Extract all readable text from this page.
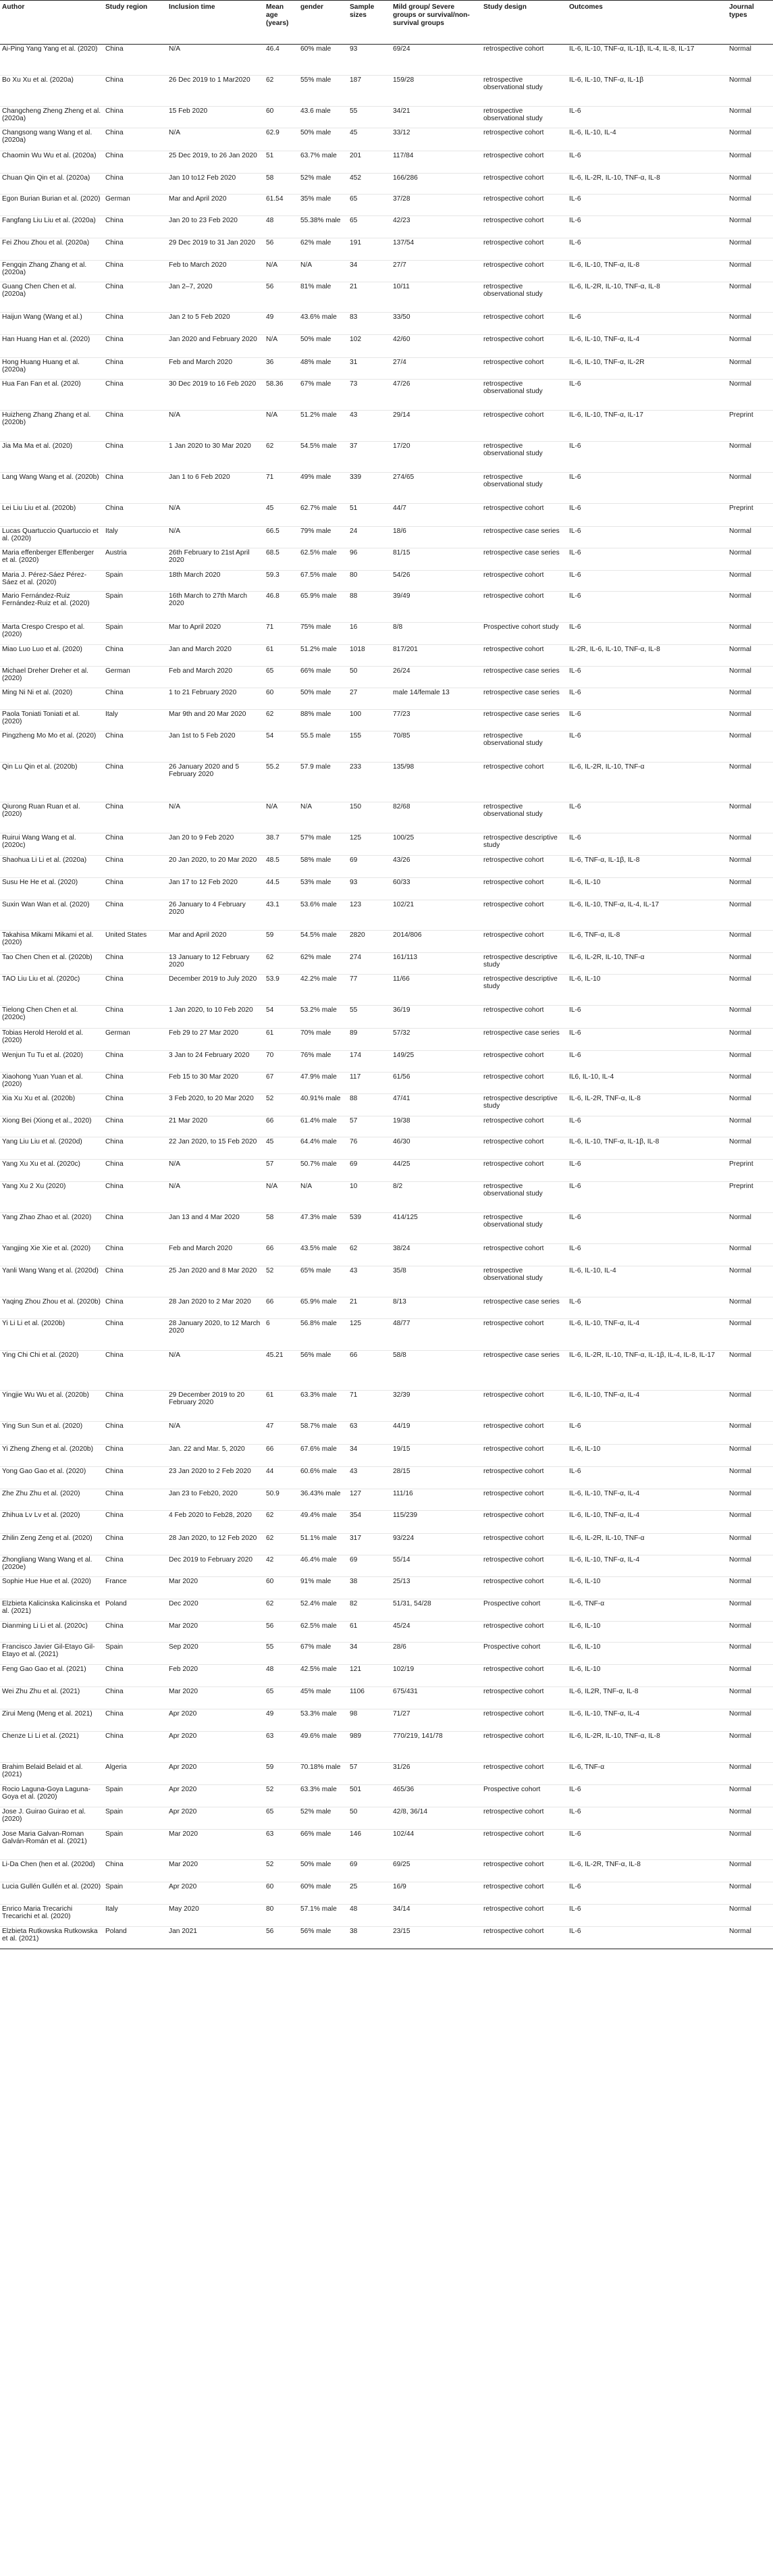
Author	Study region	Inclusion time	Mean age (years)	gender	Sample sizes	Mild group/ Severe groups or survival/non-survival groups	Study design	Outcomes	Journal types
Ai-Ping Yang Yang et al. (2020)	China	N/A	46.4	60% male	93	69/24	retrospective cohort	IL-6, IL-10, TNF-α, IL-1β, IL-4, IL-8, IL-17	Normal
Bo Xu Xu et al. (2020a)	China	26 Dec 2019 to 1 Mar2020	62	55% male	187	159/28	retrospective observational study	IL-6, IL-10, TNF-α, IL-1β	Normal
Changcheng Zheng Zheng et al. (2020a)	China	15 Feb 2020	60	43.6 male	55	34/21	retrospective observational study	IL-6	Normal
Changsong wang Wang et al. (2020a)	China	N/A	62.9	50% male	45	33/12	retrospective cohort	IL-6, IL-10, IL-4	Normal
Chaomin Wu Wu et al. (2020a)	China	25 Dec 2019, to 26 Jan 2020	51	63.7% male	201	117/84	retrospective cohort	IL-6	Normal
Chuan Qin Qin et al. (2020a)	China	Jan 10 to12 Feb 2020	58	52% male	452	166/286	retrospective cohort	IL-6, IL-2R, IL-10, TNF-α, IL-8	Normal
Egon Burian Burian et al. (2020)	German	Mar and April 2020	61.54	35% male	65	37/28	retrospective cohort	IL-6	Normal
Fangfang Liu Liu et al. (2020a)	China	Jan 20 to 23 Feb 2020	48	55.38% male	65	42/23	retrospective cohort	IL-6	Normal
Fei Zhou Zhou et al. (2020a)	China	29 Dec 2019 to 31 Jan 2020	56	62% male	191	137/54	retrospective cohort	IL-6	Normal
Fengqin Zhang Zhang et al. (2020a)	China	Feb to March 2020	N/A	N/A	34	27/7	retrospective cohort	IL-6, IL-10, TNF-α, IL-8	Normal
Guang Chen Chen et al. (2020a)	China	Jan 2–7, 2020	56	81% male	21	10/11	retrospective observational study	IL-6, IL-2R, IL-10, TNF-α, IL-8	Normal
Haijun Wang (Wang et al.)	China	Jan 2 to 5 Feb 2020	49	43.6% male	83	33/50	retrospective cohort	IL-6	Normal
Han Huang Han et al. (2020)	China	Jan 2020 and February 2020	N/A	50% male	102	42/60	retrospective cohort	IL-6, IL-10, TNF-α, IL-4	Normal
Hong Huang Huang et al. (2020a)	China	Feb and March 2020	36	48% male	31	27/4	retrospective cohort	IL-6, IL-10, TNF-α, IL-2R	Normal
Hua Fan Fan et al. (2020)	China	30 Dec 2019 to 16 Feb 2020	58.36	67% male	73	47/26	retrospective observational study	IL-6	Normal
Huizheng Zhang Zhang et al. (2020b)	China	N/A	N/A	51.2% male	43	29/14	retrospective cohort	IL-6, IL-10, TNF-α, IL-17	Preprint
Jia Ma Ma et al. (2020)	China	1 Jan 2020 to 30 Mar 2020	62	54.5% male	37	17/20	retrospective observational study	IL-6	Normal
Lang Wang Wang et al. (2020b)	China	Jan 1 to 6 Feb 2020	71	49% male	339	274/65	retrospective observational study	IL-6	Normal
Lei Liu Liu et al. (2020b)	China	N/A	45	62.7% male	51	44/7	retrospective cohort	IL-6	Preprint
Lucas Quartuccio Quartuccio et al. (2020)	Italy	N/A	66.5	79% male	24	18/6	retrospective case series	IL-6	Normal
Maria effenberger Effenberger et al. (2020)	Austria	26th February to 21st April 2020	68.5	62.5% male	96	81/15	retrospective case series	IL-6	Normal
Maria J. Pérez-Sáez Pérez-Sáez et al. (2020)	Spain	18th March 2020	59.3	67.5% male	80	54/26	retrospective cohort	IL-6	Normal
Mario Fernández-Ruiz Fernández-Ruiz et al. (2020)	Spain	16th March to 27th March 2020	46.8	65.9% male	88	39/49	retrospective cohort	IL-6	Normal
Marta Crespo Crespo et al. (2020)	Spain	Mar to April 2020	71	75% male	16	8/8	Prospective cohort study	IL-6	Normal
Miao Luo Luo et al. (2020)	China	Jan and March 2020	61	51.2% male	1018	817/201	retrospective cohort	IL-2R, IL-6, IL-10, TNF-α, IL-8	Normal
Michael Dreher Dreher et al. (2020)	German	Feb and March 2020	65	66% male	50	26/24	retrospective case series	IL-6	Normal
Ming Ni Ni et al. (2020)	China	1 to 21 February 2020	60	50% male	27	male 14/female 13	retrospective case series	IL-6	Normal
Paola Toniati Toniati et al. (2020)	Italy	Mar 9th and 20 Mar 2020	62	88% male	100	77/23	retrospective case series	IL-6	Normal
Pingzheng Mo Mo et al. (2020)	China	Jan 1st to 5 Feb 2020	54	55.5 male	155	70/85	retrospective observational study	IL-6	Normal
Qin Lu Qin et al. (2020b)	China	26 January 2020 and 5 February 2020	55.2	57.9 male	233	135/98	retrospective cohort	IL-6, IL-2R, IL-10, TNF-α	Normal
Qiurong Ruan Ruan et al. (2020)	China	N/A	N/A	N/A	150	82/68	retrospective observational study	IL-6	Normal
Ruirui Wang Wang et al. (2020c)	China	Jan 20 to 9 Feb 2020	38.7	57% male	125	100/25	retrospective descriptive study	IL-6	Normal
Shaohua Li Li et al. (2020a)	China	20 Jan 2020, to 20 Mar 2020	48.5	58% male	69	43/26	retrospective cohort	IL-6, TNF-α, IL-1β, IL-8	Normal
Susu He He et al. (2020)	China	Jan 17 to 12 Feb 2020	44.5	53% male	93	60/33	retrospective cohort	IL-6, IL-10	Normal
Suxin Wan Wan et al. (2020)	China	26 January to 4 February 2020	43.1	53.6% male	123	102/21	retrospective cohort	IL-6, IL-10, TNF-α, IL-4, IL-17	Normal
Takahisa Mikami Mikami et al. (2020)	United States	Mar and April 2020	59	54.5% male	2820	2014/806	retrospective cohort	IL-6, TNF-α, IL-8	Normal
Tao Chen Chen et al. (2020b)	China	13 January to 12 February 2020	62	62% male	274	161/113	retrospective descriptive study	IL-6, IL-2R, IL-10, TNF-α	Normal
TAO Liu Liu et al. (2020c)	China	December 2019 to July 2020	53.9	42.2% male	77	11/66	retrospective descriptive study	IL-6, IL-10	Normal
Tielong Chen Chen et al. (2020c)	China	1 Jan 2020, to 10 Feb 2020	54	53.2% male	55	36/19	retrospective cohort	IL-6	Normal
Tobias Herold Herold et al. (2020)	German	Feb 29 to 27 Mar 2020	61	70% male	89	57/32	retrospective case series	IL-6	Normal
Wenjun Tu Tu et al. (2020)	China	3 Jan to 24 February 2020	70	76% male	174	149/25	retrospective cohort	IL-6	Normal
Xiaohong Yuan Yuan et al. (2020)	China	Feb 15 to 30 Mar 2020	67	47.9% male	117	61/56	retrospective cohort	IL6, IL-10, IL-4	Normal
Xia Xu Xu et al. (2020b)	China	3 Feb 2020, to 20 Mar 2020	52	40.91% male	88	47/41	retrospective descriptive study	IL-6, IL-2R, TNF-α, IL-8	Normal
Xiong Bei (Xiong et al., 2020)	China	21 Mar 2020	66	61.4% male	57	19/38	retrospective cohort	IL-6	Normal
Yang Liu Liu et al. (2020d)	China	22 Jan 2020, to 15 Feb 2020	45	64.4% male	76	46/30	retrospective cohort	IL-6, IL-10, TNF-α, IL-1β, IL-8	Normal
Yang Xu Xu et al. (2020c)	China	N/A	57	50.7% male	69	44/25	retrospective cohort	IL-6	Preprint
Yang Xu 2 Xu (2020)	China	N/A	N/A	N/A	10	8/2	retrospective observational study	IL-6	Preprint
Yang Zhao Zhao et al. (2020)	China	Jan 13 and 4 Mar 2020	58	47.3% male	539	414/125	retrospective observational study	IL-6	Normal
Yangjing Xie Xie et al. (2020)	China	Feb and March 2020	66	43.5% male	62	38/24	retrospective cohort	IL-6	Normal
Yanli Wang Wang et al. (2020d)	China	25 Jan 2020 and 8 Mar 2020	52	65% male	43	35/8	retrospective observational study	IL-6, IL-10, IL-4	Normal
Yaqing Zhou Zhou et al. (2020b)	China	28 Jan 2020 to 2 Mar 2020	66	65.9% male	21	8/13	retrospective case series	IL-6	Normal
Yi Li Li et al. (2020b)	China	28 January 2020, to 12 March 2020	6	56.8% male	125	48/77	retrospective cohort	IL-6, IL-10, TNF-α, IL-4	Normal
Ying Chi Chi et al. (2020)	China	N/A	45.21	56% male	66	58/8	retrospective case series	IL-6, IL-2R, IL-10, TNF-α, IL-1β, IL-4, IL-8, IL-17	Normal
Yingjie Wu Wu et al. (2020b)	China	29 December 2019 to 20 February 2020	61	63.3% male	71	32/39	retrospective cohort	IL-6, IL-10, TNF-α, IL-4	Normal
Ying Sun Sun et al. (2020)	China	N/A	47	58.7% male	63	44/19	retrospective cohort	IL-6	Normal
Yi Zheng Zheng et al. (2020b)	China	Jan. 22 and Mar. 5, 2020	66	67.6% male	34	19/15	retrospective cohort	IL-6, IL-10	Normal
Yong Gao Gao et al. (2020)	China	23 Jan 2020 to 2 Feb 2020	44	60.6% male	43	28/15	retrospective cohort	IL-6	Normal
Zhe Zhu Zhu et al. (2020)	China	Jan 23 to Feb20, 2020	50.9	36.43% male	127	111/16	retrospective cohort	IL-6, IL-10, TNF-α, IL-4	Normal
Zhihua Lv Lv et al. (2020)	China	4 Feb 2020 to Feb28, 2020	62	49.4% male	354	115/239	retrospective cohort	IL-6, IL-10, TNF-α, IL-4	Normal
Zhilin Zeng Zeng et al. (2020)	China	28 Jan 2020, to 12 Feb 2020	62	51.1% male	317	93/224	retrospective cohort	IL-6, IL-2R, IL-10, TNF-α	Normal
Zhongliang Wang Wang et al. (2020e)	China	Dec 2019 to February 2020	42	46.4% male	69	55/14	retrospective cohort	IL-6, IL-10, TNF-α, IL-4	Normal
Sophie Hue Hue et al. (2020)	France	Mar 2020	60	91% male	38	25/13	retrospective cohort	IL-6, IL-10	Normal
Elzbieta Kalicinska Kalicinska et al. (2021)	Poland	Dec 2020	62	52.4% male	82	51/31, 54/28	Prospective cohort	IL-6, TNF-α	Normal
Dianming Li Li et al. (2020c)	China	Mar 2020	56	62.5% male	61	45/24	retrospective cohort	IL-6, IL-10	Normal
Francisco Javier Gil-Etayo Gil-Etayo et al. (2021)	Spain	Sep 2020	55	67% male	34	28/6	Prospective cohort	IL-6, IL-10	Normal
Feng Gao Gao et al. (2021)	China	Feb 2020	48	42.5% male	121	102/19	retrospective cohort	IL-6, IL-10	Normal
Wei Zhu Zhu et al. (2021)	China	Mar 2020	65	45% male	1106	675/431	retrospective cohort	IL-6, IL2R, TNF-α, IL-8	Normal
Zirui Meng (Meng et al. 2021)	China	Apr 2020	49	53.3% male	98	71/27	retrospective cohort	IL-6, IL-10, TNF-α, IL-4	Normal
Chenze Li Li et al. (2021)	China	Apr 2020	63	49.6% male	989	770/219, 141/78	retrospective cohort	IL-6, IL-2R, IL-10, TNF-α, IL-8	Normal
Brahim Belaid Belaid et al. (2021)	Algeria	Apr 2020	59	70.18% male	57	31/26	retrospective cohort	IL-6, TNF-α	Normal
Rocio Laguna-Goya Laguna-Goya et al. (2020)	Spain	Apr 2020	52	63.3% male	501	465/36	Prospective cohort	IL-6	Normal
Jose J. Guirao Guirao et al. (2020)	Spain	Apr 2020	65	52% male	50	42/8, 36/14	retrospective cohort	IL-6	Normal
Jose Maria Galvan-Roman Galván-Román et al. (2021)	Spain	Mar 2020	63	66% male	146	102/44	retrospective cohort	IL-6	Normal
Li-Da Chen (hen et al. (2020d)	China	Mar 2020	52	50% male	69	69/25	retrospective cohort	IL-6, IL-2R, TNF-α, IL-8	Normal
Lucia Gullén Gullén et al. (2020)	Spain	Apr 2020	60	60% male	25	16/9	retrospective cohort	IL-6	Normal
Enrico Maria Trecarichi Trecarichi et al. (2020)	Italy	May 2020	80	57.1% male	48	34/14	retrospective cohort	IL-6	Normal
Elzbieta Rutkowska Rutkowska et al. (2021)	Poland	Jan 2021	56	56% male	38	23/15	retrospective cohort	IL-6	Normal
